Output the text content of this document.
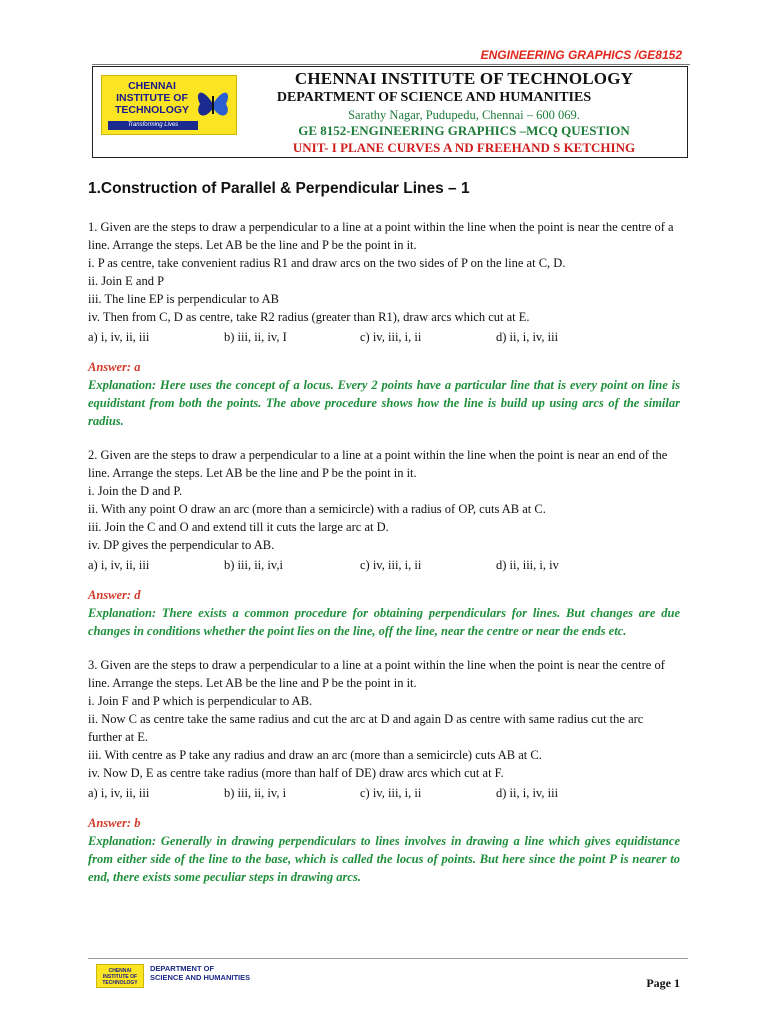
ENGINEERING GRAPHICS /GE8152
CHENNAI
INSTITUTE OF
TECHNOLOGY
Transforming Lives
CHENNAI INSTITUTE OF TECHNOLOGY
DEPARTMENT OF SCIENCE AND HUMANITIES
Sarathy Nagar, Pudupedu, Chennai – 600 069.
GE 8152-ENGINEERING GRAPHICS –MCQ QUESTION
UNIT- I PLANE CURVES A ND FREEHAND S KETCHING
1.Construction of Parallel & Perpendicular Lines – 1

1. Given are the steps to draw a perpendicular to a line at a point within the line when the point is near the centre of a line. Arrange the steps. Let AB be the line and P be the point in it.

i. P as centre, take convenient radius R1 and draw arcs on the two sides of P on the line at C, D.

ii. Join E and P

iii. The line EP is perpendicular to AB

iv. Then from C, D as centre, take R2 radius (greater than R1), draw arcs which cut at E.

a) i, iv, ii, iii	b) iii, ii, iv, I	c) iv, iii, i, ii	d) ii, i, iv, iii
Answer: a
Explanation: Here uses the concept of a locus. Every 2 points have a particular line that is every point on line is equidistant from both the points. The above procedure shows how the line is build up using arcs of the similar radius.

2. Given are the steps to draw a perpendicular to a line at a point within the line when the point is near an end of the line. Arrange the steps. Let AB be the line and P be the point in it.

i. Join the D and P.

ii. With any point O draw an arc (more than a semicircle) with a radius of OP, cuts AB at C.

iii. Join the C and O and extend till it cuts the large arc at D.

iv. DP gives the perpendicular to AB.

a) i, iv, ii, iii	b) iii, ii, iv,i	c) iv, iii, i, ii	d) ii, iii, i, iv
Answer: d
Explanation: There exists a common procedure for obtaining perpendiculars for lines. But changes are due changes in conditions whether the point lies on the line, off the line, near the centre or near the ends etc.

3. Given are the steps to draw a perpendicular to a line at a point within the line when the point is near the centre of line. Arrange the steps. Let AB be the line and P be the point in it.

i. Join F and P which is perpendicular to AB.

ii. Now C as centre take the same radius and cut the arc at D and again D as centre with same radius cut the arc further at E.

iii. With centre as P take any radius and draw an arc (more than a semicircle) cuts AB at C.

iv. Now D, E as centre take radius (more than half of DE) draw arcs which cut at F.

a) i, iv, ii, iii	b) iii, ii, iv, i	c) iv, iii, i, ii	d) ii, i, iv, iii
Answer: b
Explanation: Generally in drawing perpendiculars to lines involves in drawing a line which gives equidistance from either side of the line to the base, which is called the locus of points. But here since the point P is nearer to end, there exists some peculiar steps in drawing arcs.
CHENNAI INSTITUTE OF TECHNOLOGY
DEPARTMENT OF
SCIENCE AND HUMANITIES	Page 1
